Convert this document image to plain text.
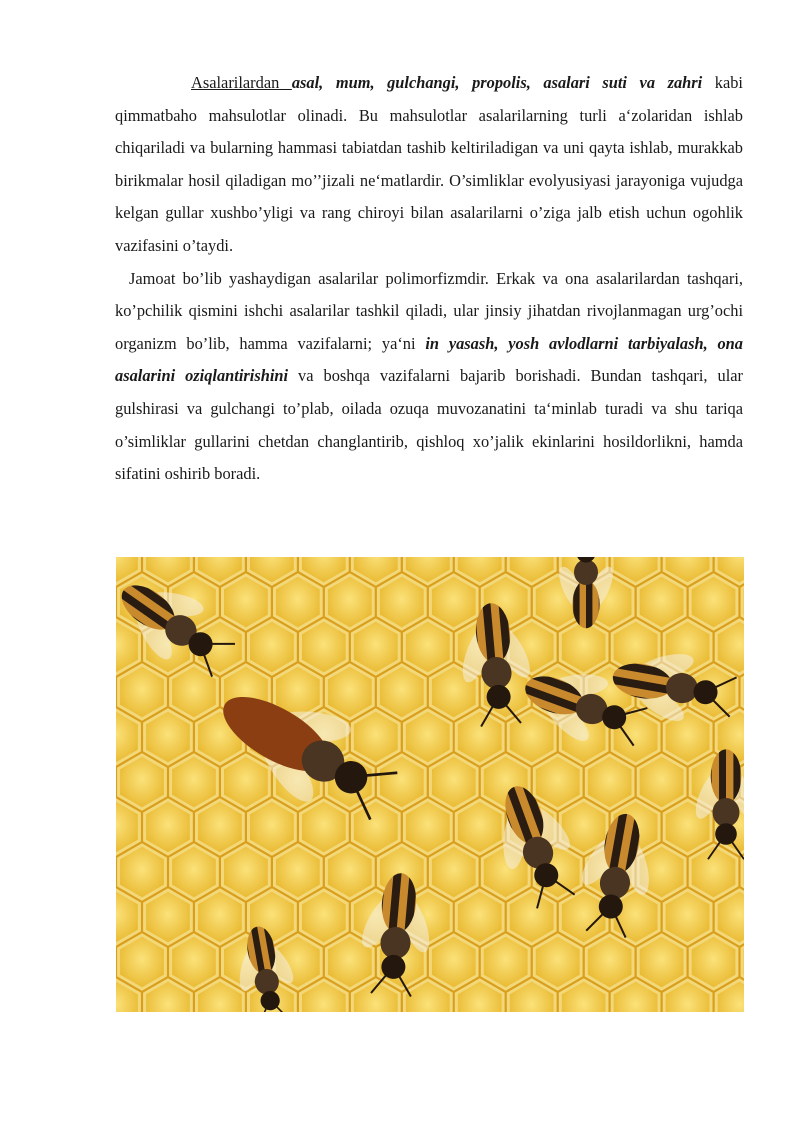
Asalarilardan asal, mum, gulchangi, propolis, asalari suti va zahri kabi qimmatbaho mahsulotlar olinadi. Bu mahsulotlar asalarilarning turli a‘zolaridan ishlab chiqariladi va bularning hammasi tabiatdan tashib keltiriladigan va uni qayta ishlab, murakkab birikmalar hosil qiladigan mo’’jizali ne‘matlardir. O’simliklar evolyusiyasi jarayoniga vujudga kelgan gullar xushbo’yligi va rang chiroyi bilan asalarilarni o’ziga jalb etish uchun ogohlik vazifasini o’taydi.

Jamoat bo’lib yashaydigan asalarilar polimorfizmdir. Erkak va ona asalarilardan tashqari, ko’pchilik qismini ishchi asalarilar tashkil qiladi, ular jinsiy jihatdan rivojlanmagan urg’ochi organizm bo’lib, hamma vazifalarni; ya‘ni in yasash, yosh avlodlarni tarbiyalash, ona asalarini oziqlantirishini va boshqa vazifalarni bajarib borishadi. Bundan tashqari, ular gulshirasi va gulchangi to’plab, oilada ozuqa muvozanatini ta‘minlab turadi va shu tariqa o’simliklar gullarini chetdan changlantirib, qishloq xo’jalik ekinlarini hosildorlikni, hamda sifatini oshirib boradi.
